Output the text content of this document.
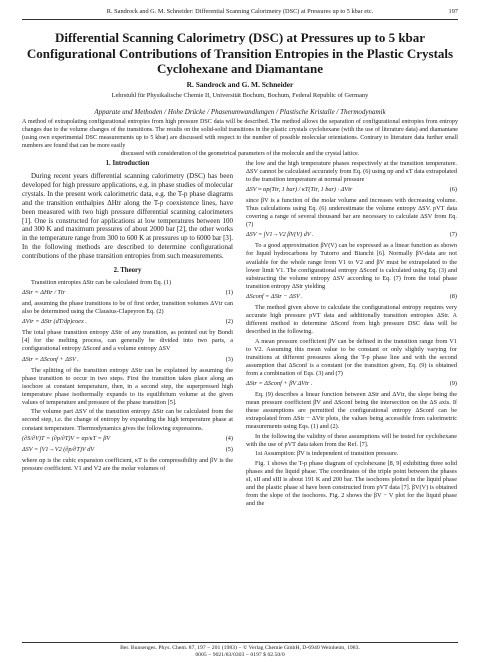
R. Sandrock and G. M. Schneider: Differential Scanning Calorimetry (DSC) at Pressures up to 5 kbar etc.	197
Differential Scanning Calorimetry (DSC) at Pressures up to 5 kbar Configurational Contributions of Transition Entropies in the Plastic Crystals Cyclohexane and Diamantane
R. Sandrock and G. M. Schneider
Lehrstuhl für Physikalische Chemie II, Universität Bochum, Bochum, Federal Republic of Germany
Apparate und Methoden / Hohe Drücke / Phasenumwandlungen / Plastische Kristalle / Thermodynamik

A method of extrapolating configurational entropies from high pressure DSC data will be described. The method allows the separation of configurational entropies from entropy changes due to the volume changes of the transitions. The results on the solid-solid transitions in the plastic crystals cyclohexane (with the use of literature data) and diamantane (using own experimental DSC measurements up to 5 kbar) are discussed with respect to the number of possible molecular orientations. Contrary to literature data further small numbers are found that can be more easily

discussed with consideration of the geometrical parameters of the molecule and the crystal lattice.

1. Introduction

During recent years differential scanning calorimetry (DSC) has been developed for high pressure applications, e.g. in phase studies of molecular crystals. In the present work calorimetric data, e.g. the T-p phase diagrams and the transition enthalpies ΔHtr along the T-p coexistence lines, have been measured with two high pressure differential scanning calorimeters [1]. One is constructed for applications at low temperatures between 100 and 300 K and maximum pressures of about 2000 bar [2], the other works in the temperature range from 300 to 600 K at pressures up to 6000 bar [3]. In the following methods are described to determine configurational contributions of the phase transition entropies from such measurements.

2. Theory

Transition entropies ΔStr can be calculated from Eq. (1)

ΔStr = ΔHtr / Ttr	(1)

and, assuming the phase transitions to be of first order, transition volumes ΔVtr can also be determined using the Clausius-Clapeyron Eq. (2)

ΔVtr = ΔStr (dT/dp)coex .	(2)

The total phase transition entropy ΔStr of any transition, as pointed out by Bondi [4] for the melting process, can generally be divided into two parts, a configurational entropy ΔSconf and a volume entropy ΔSV

ΔStr = ΔSconf + ΔSV .	(3)

The splitting of the transition entropy ΔStr can be explained by assuming the phase transition to occur in two steps. First the transition takes place along an isochore at constant temperature, then, in a second step, the superpressed high temperature phase isothermally expands to its equilibrium volume at the given values of temperature and pressure of the phase transition [5].

The volume part ΔSV of the transition entropy ΔStr can be calculated from the second step, i.e. the change of entropy by expanding the high temperature phase at constant temperature. Thermodynamics gives the following expressions.

(∂S/∂V)T = (∂p/∂T)V = αp/κT = βV	(4)
ΔSV = ∫V1→V2 (∂p/∂T)V dV	(5)

where αp is the cubic expansion coefficient, κT is the compressibility and βV is the pressure coefficient. V1 and V2 are the molar volumes of

the low and the high temperature phases respectively at the transition temperature. ΔSV cannot be calculated accurately from Eq. (6) using αp and κT data extrapolated to the transition temperature at normal pressure

ΔSV ≈ αp(Ttr, 1 bar) / κT(Ttr, 1 bar) · ΔVtr	(6)

since βV is a function of the molar volume and increases with decreasing volume. Thus calculations using Eq. (6) underestimate the volume entropy ΔSV. pVT data covering a range of several thousand bar are necessary to calculate ΔSV from Eq. (7)

ΔSV = ∫V1→V2 βV(V) dV .	(7)

To a good approximation βV(V) can be expressed as a linear function as shown for liquid hydrocarbons by Tutorro and Bianchi [6]. Normally βV-data are not available for the whole range from V1 to V2 and βV must be extrapolated to the lower limit V1. The configurational entropy ΔSconf is calculated using Eq. (3) and substracting the volume entropy ΔSV according to Eq. (7) from the total phase transition entropy ΔStr yielding

ΔSconf = ΔStr − ΔSV .	(8)

The method given above to calculate the configurational entropy requires very accurate high pressure pVT data and additionally transition entropies ΔStr. A different method to determine ΔSconf from high pressure DSC data will be described in the following.

A mean pressure coefficient β̄V can be defined in the transition range from V1 to V2. Assuming this mean value to be constant or only slightly varying for transitions at different pressures along the T-p phase line and with the second assumption that ΔSconf is a constant (or the transition given, Eq. (9) is obtained from a combination of Eqs. (3) and (7)

ΔStr = ΔSconf + β̄V ΔVtr .	(9)

Eq. (9) describes a linear function between ΔStr and ΔVtr, the slope being the mean pressure coefficient β̄V and ΔSconf being the intersection on the ΔS axis. If these assumptions are permitted the configurational entropy ΔSconf can be extrapolated from ΔStr − ΔVtr plots, the values being accessible from calorimetric measurements using Eqs. (1) and (2).

In the following the validity of these assumptions will be tested for cyclohexane with the use of pVT data taken from the Ref. [7].

1st Assumption: β̄V is independent of transition pressure.

Fig. 1 shows the T-p phase diagram of cyclohexane [8, 9] exhibiting three solid phases and the liquid phase. The coordinates of the triple point between the phases sI, sII and sIII is about 191 K and 200 bar. The isochores plotted in the liquid phase and the plastic phase sI have been constructed from pVT data [7]. βV(V) is obtained from the slope of the isochores. Fig. 2 shows the βV − V plot for the liquid phase and the

Ber. Bunsenges. Phys. Chem. 87, 197 − 201 (1983) − © Verlag Chemie GmbH, D-6940 Weinheim, 1983.
0005 − 9021/83/0303 − 0197 $ 02.50/0
